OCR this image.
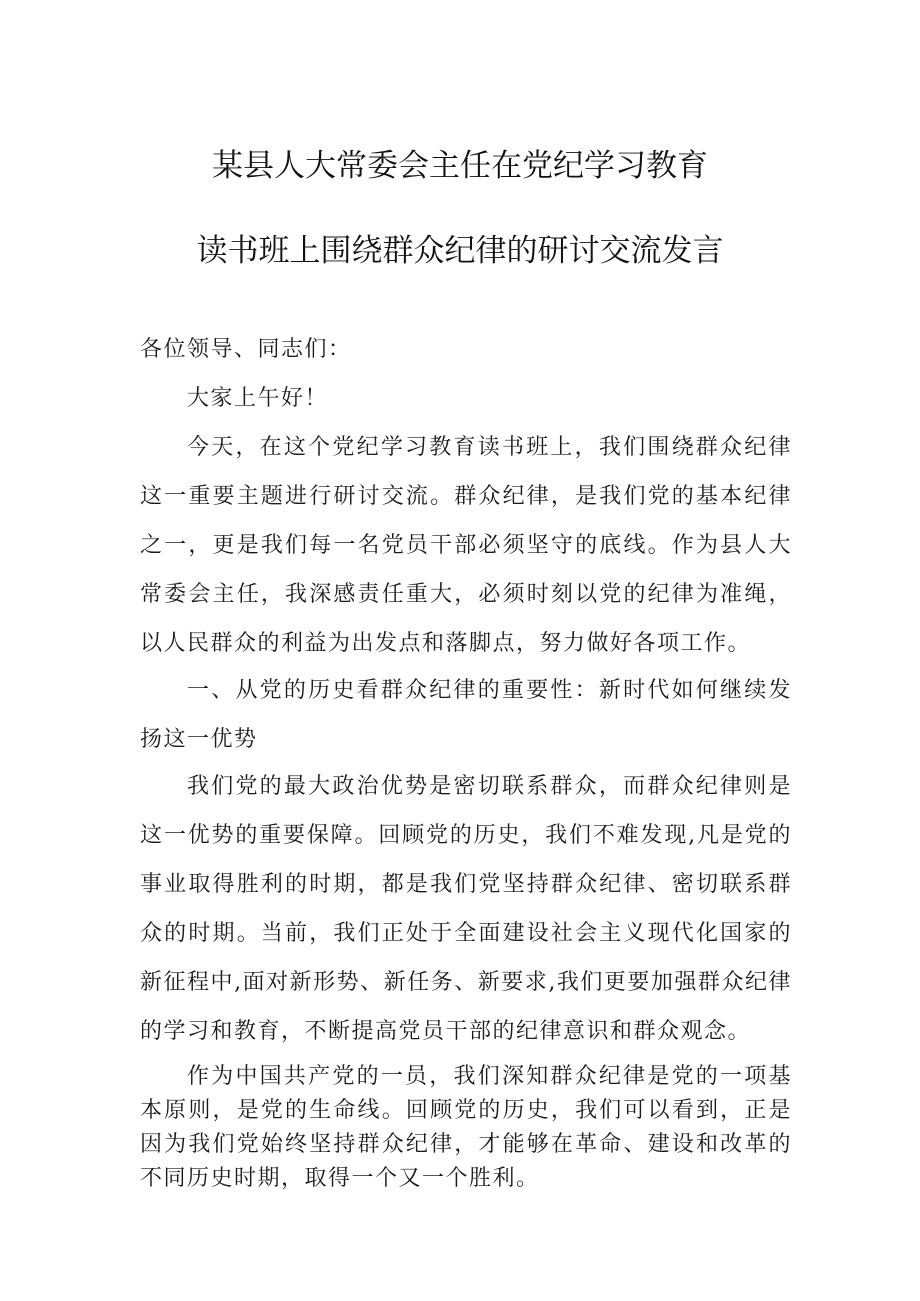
某县人大常委会主任在党纪学习教育
读书班上围绕群众纪律的研讨交流发言

各位领导、同志们：

大家上午好！

今天，在这个党纪学习教育读书班上，我们围绕群众纪律这一重要主题进行研讨交流。群众纪律，是我们党的基本纪律之一，更是我们每一名党员干部必须坚守的底线。作为县人大常委会主任，我深感责任重大，必须时刻以党的纪律为准绳，以人民群众的利益为出发点和落脚点，努力做好各项工作。

一、从党的历史看群众纪律的重要性：新时代如何继续发扬这一优势

我们党的最大政治优势是密切联系群众，而群众纪律则是这一优势的重要保障。回顾党的历史，我们不难发现,凡是党的事业取得胜利的时期，都是我们党坚持群众纪律、密切联系群众的时期。当前，我们正处于全面建设社会主义现代化国家的新征程中,面对新形势、新任务、新要求,我们更要加强群众纪律的学习和教育，不断提高党员干部的纪律意识和群众观念。

作为中国共产党的一员，我们深知群众纪律是党的一项基本原则，是党的生命线。回顾党的历史，我们可以看到，正是因为我们党始终坚持群众纪律，才能够在革命、建设和改革的不同历史时期，取得一个又一个胜利。
